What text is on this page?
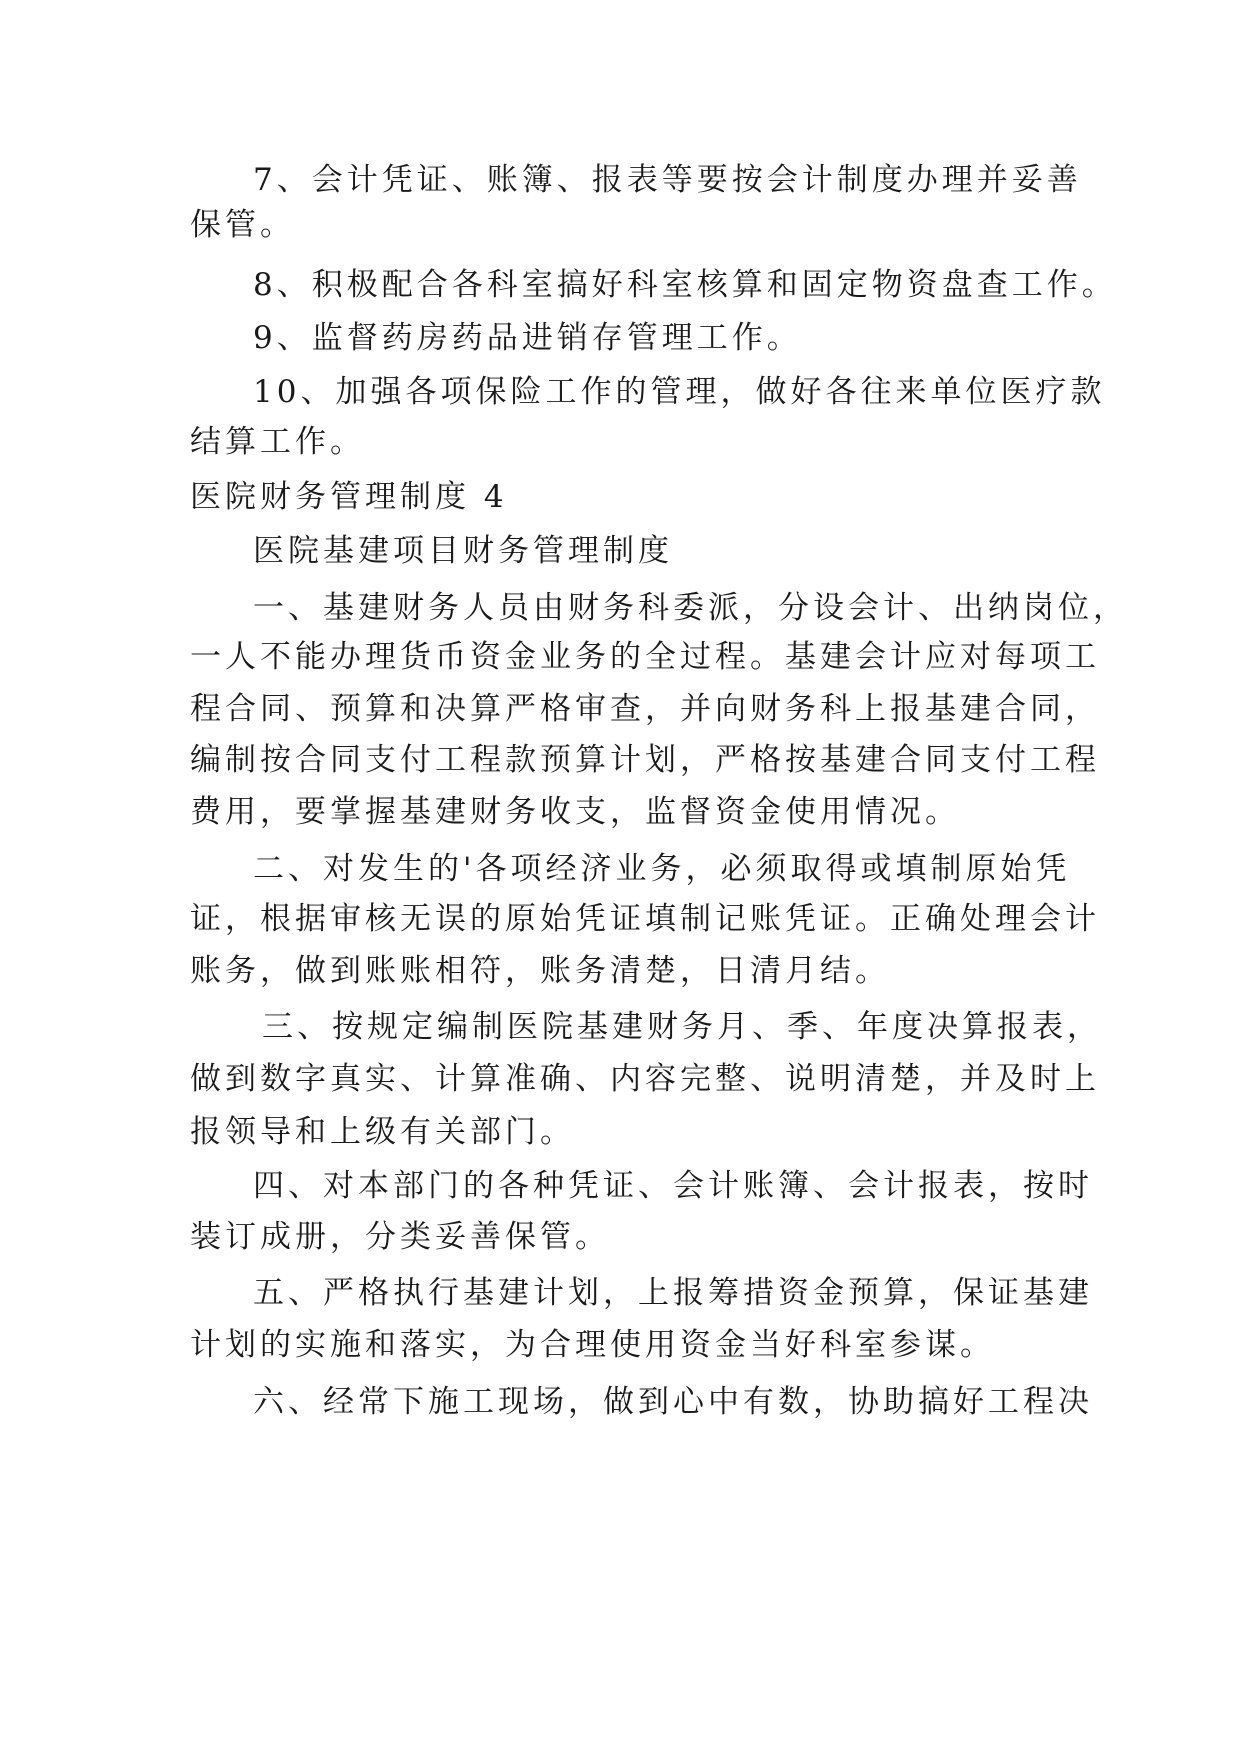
7、会计凭证、账簿、报表等要按会计制度办理并妥善
保管。
8、积极配合各科室搞好科室核算和固定物资盘查工作。
9、监督药房药品进销存管理工作。
10、加强各项保险工作的管理，做好各往来单位医疗款
结算工作。
医院财务管理制度 4
医院基建项目财务管理制度
一、基建财务人员由财务科委派，分设会计、出纳岗位，
一人不能办理货币资金业务的全过程。基建会计应对每项工
程合同、预算和决算严格审查，并向财务科上报基建合同，
编制按合同支付工程款预算计划，严格按基建合同支付工程
费用，要掌握基建财务收支，监督资金使用情况。
二、对发生的'各项经济业务，必须取得或填制原始凭
证，根据审核无误的原始凭证填制记账凭证。正确处理会计
账务，做到账账相符，账务清楚，日清月结。
三、按规定编制医院基建财务月、季、年度决算报表，
做到数字真实、计算准确、内容完整、说明清楚，并及时上
报领导和上级有关部门。
四、对本部门的各种凭证、会计账簿、会计报表，按时
装订成册，分类妥善保管。
五、严格执行基建计划，上报筹措资金预算，保证基建
计划的实施和落实，为合理使用资金当好科室参谋。
六、经常下施工现场，做到心中有数，协助搞好工程决
